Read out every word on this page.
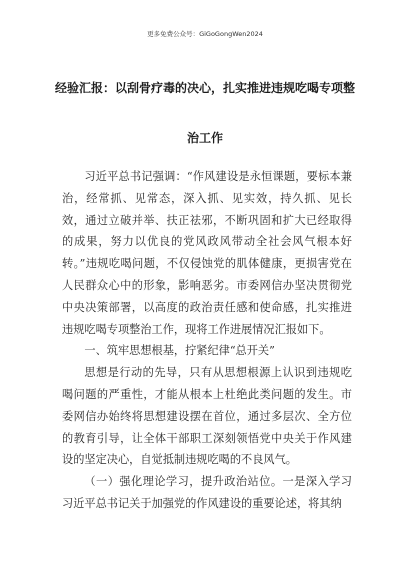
更多免费公众号：GiGoGongWen2024
经验汇报：以刮骨疗毒的决心，扎实推进违规吃喝专项整
治工作

习近平总书记强调：“作风建设是永恒课题，要标本兼治，经常抓、见常态，深入抓、见实效，持久抓、见长效，通过立破并举、扶正祛邪，不断巩固和扩大已经取得的成果，努力以优良的党风政风带动全社会风气根本好转。”违规吃喝问题，不仅侵蚀党的肌体健康，更损害党在人民群众心中的形象，影响恶劣。市委网信办坚决贯彻党中央决策部署，以高度的政治责任感和使命感，扎实推进违规吃喝专项整治工作，现将工作进展情况汇报如下。

一、筑牢思想根基，拧紧纪律“总开关”

思想是行动的先导，只有从思想根源上认识到违规吃喝问题的严重性，才能从根本上杜绝此类问题的发生。市委网信办始终将思想建设摆在首位，通过多层次、全方位的教育引导，让全体干部职工深刻领悟党中央关于作风建设的坚定决心，自觉抵制违规吃喝的不良风气。

（一）强化理论学习，提升政治站位。一是深入学习习近平总书记关于加强党的作风建设的重要论述，将其纳
